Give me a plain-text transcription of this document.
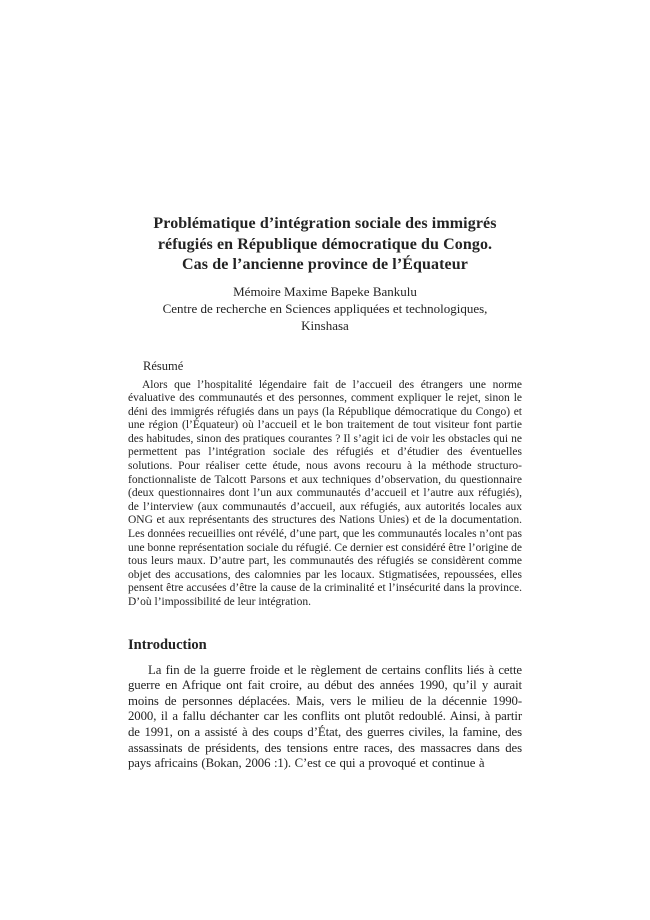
Problématique d’intégration sociale des immigrés
réfugiés en République démocratique du Congo.
Cas de l’ancienne province de l’Équateur
Mémoire Maxime Bapeke Bankulu
Centre de recherche en Sciences appliquées et technologiques,
Kinshasa
Résumé

Alors que l’hospitalité légendaire fait de l’accueil des étrangers une norme évaluative des communautés et des personnes, comment expliquer le rejet, sinon le déni des immigrés réfugiés dans un pays (la République démocratique du Congo) et une région (l’Équateur) où l’accueil et le bon traitement de tout visiteur font partie des habitudes, sinon des pratiques courantes ? Il s’agit ici de voir les obstacles qui ne permettent pas l’intégration sociale des réfugiés et d’étudier des éventuelles solutions. Pour réaliser cette étude, nous avons recouru à la méthode structuro-fonctionnaliste de Talcott Parsons et aux techniques d’observation, du questionnaire (deux questionnaires dont l’un aux communautés d’accueil et l’autre aux réfugiés), de l’interview (aux communautés d’accueil, aux réfugiés, aux autorités locales aux ONG et aux représentants des structures des Nations Unies) et de la documentation. Les données recueillies ont révélé, d’une part, que les communautés locales n’ont pas une bonne représentation sociale du réfugié. Ce dernier est considéré être l’origine de tous leurs maux. D’autre part, les communautés des réfugiés se considèrent comme objet des accusations, des calomnies par les locaux. Stigmatisées, repoussées, elles pensent être accusées d’être la cause de la criminalité et l’insécurité dans la province. D’où l’impossibilité de leur intégration.

Introduction

La fin de la guerre froide et le règlement de certains conflits liés à cette guerre en Afrique ont fait croire, au début des années 1990, qu’il y aurait moins de personnes déplacées. Mais, vers le milieu de la décennie 1990-2000, il a fallu déchanter car les conflits ont plutôt redoublé. Ainsi, à partir de 1991, on a assisté à des coups d’État, des guerres civiles, la famine, des assassinats de présidents, des tensions entre races, des massacres dans des pays africains (Bokan, 2006 :1). C’est ce qui a provoqué et continue à
